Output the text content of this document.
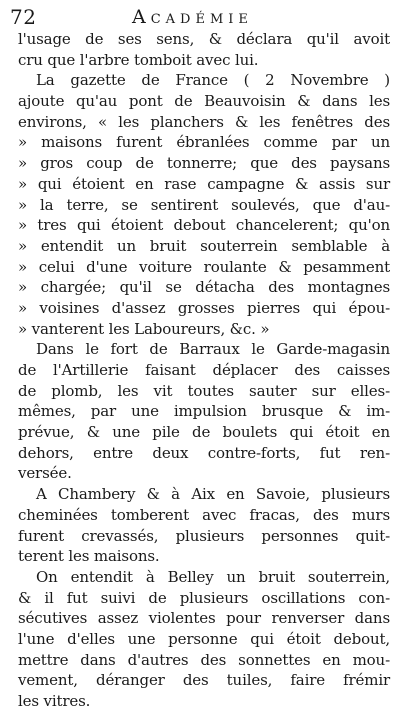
72	Académie
l'usage de ses sens, & déclara qu'il avoit
cru que l'arbre tomboit avec lui.
La gazette de France ( 2 Novembre )
ajoute qu'au pont de Beauvoisin & dans les
environs, « les planchers & les fenêtres des
» maisons furent ébranlées comme par un
» gros coup de tonnerre; que des paysans
» qui étoient en rase campagne & assis sur
» la terre, se sentirent soulevés, que d'au-
» tres qui étoient debout chancelerent; qu'on
» entendit un bruit souterrein semblable à
» celui d'une voiture roulante & pesamment
» chargée; qu'il se détacha des montagnes
» voisines d'assez grosses pierres qui épou-
» vanterent les Laboureurs, &c. »
Dans le fort de Barraux le Garde-magasin
de l'Artillerie faisant déplacer des caisses
de plomb, les vit toutes sauter sur elles-
mêmes, par une impulsion brusque & im-
prévue, & une pile de boulets qui étoit en
dehors, entre deux contre-forts, fut ren-
versée.
A Chambery & à Aix en Savoie, plusieurs
cheminées tomberent avec fracas, des murs
furent crevassés, plusieurs personnes quit-
terent les maisons.
On entendit à Belley un bruit souterrein,
& il fut suivi de plusieurs oscillations con-
sécutives assez violentes pour renverser dans
l'une d'elles une personne qui étoit debout,
mettre dans d'autres des sonnettes en mou-
vement, déranger des tuiles, faire frémir
les vitres.
